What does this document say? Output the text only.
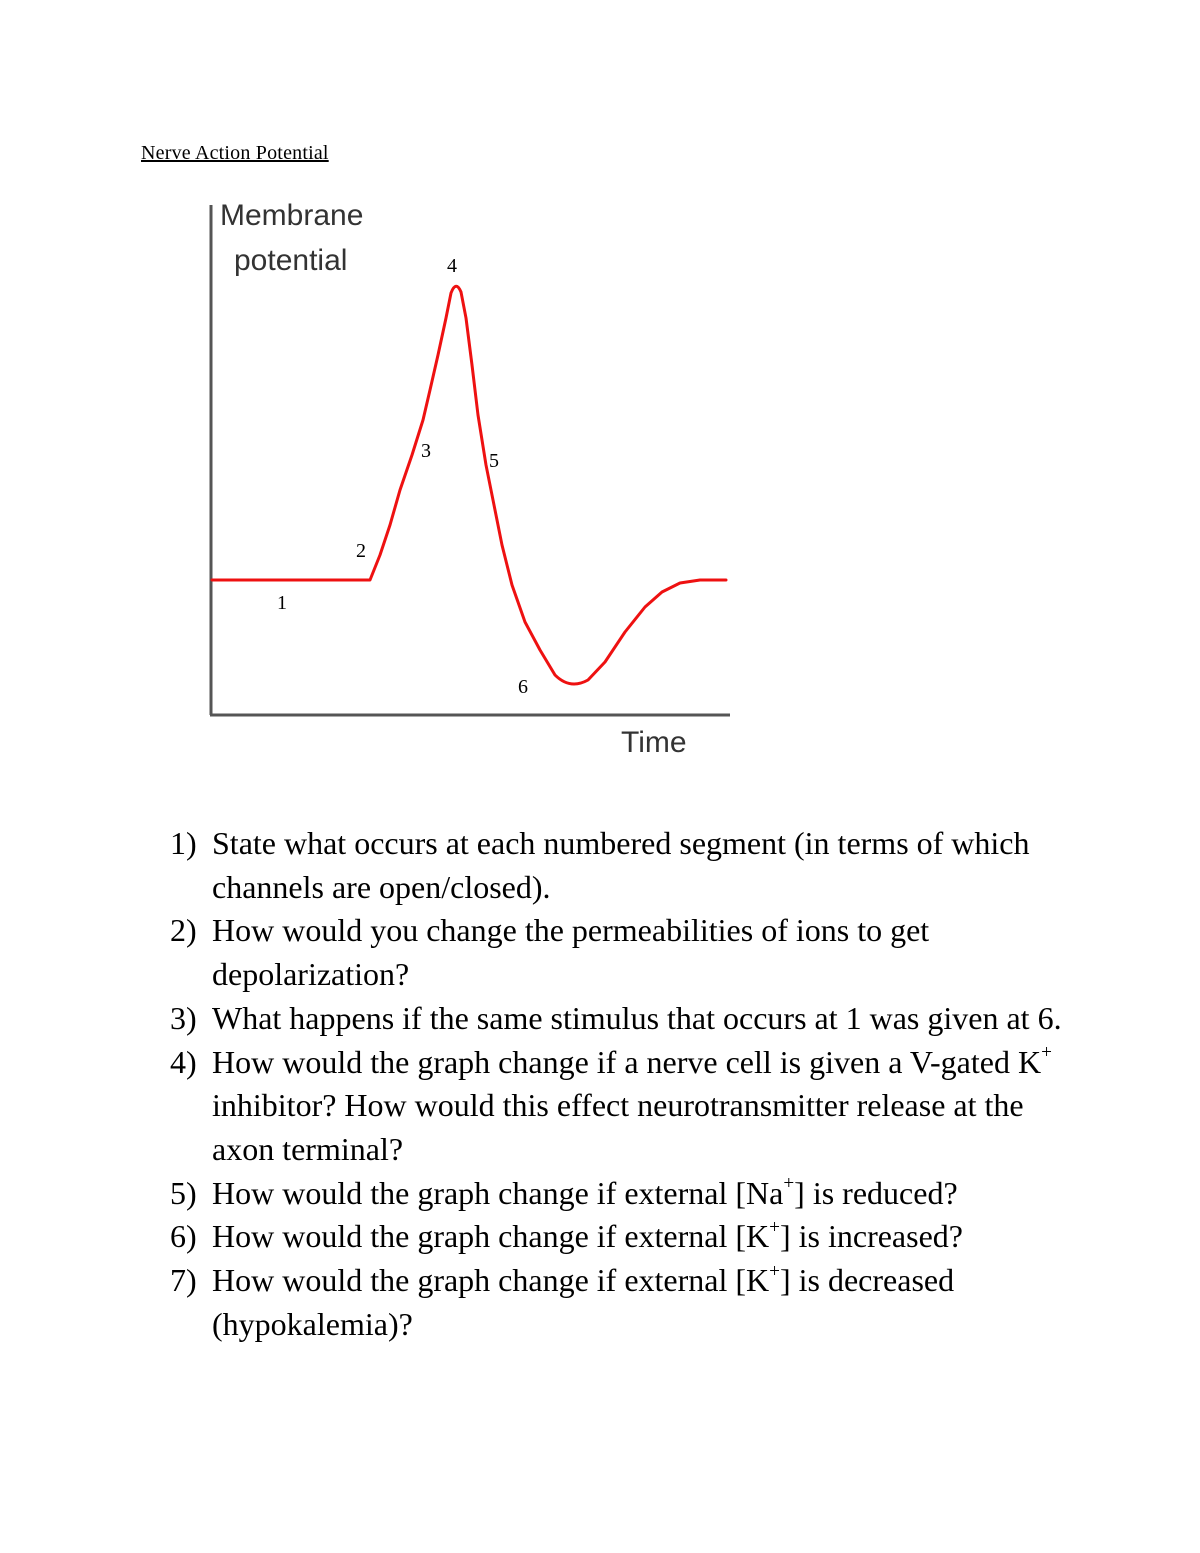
Nerve Action Potential
Membrane
potential
Time
1
2
3
4
5
6
1) State what occurs at each numbered segment (in terms of which channels are open/closed).
2) How would you change the permeabilities of ions to get depolarization?
3) What happens if the same stimulus that occurs at 1 was given at 6.
4) How would the graph change if a nerve cell is given a V-gated K+ inhibitor? How would this effect neurotransmitter release at the axon terminal?
5) How would the graph change if external [Na+] is reduced?
6) How would the graph change if external [K+] is increased?
7) How would the graph change if external [K+] is decreased (hypokalemia)?
